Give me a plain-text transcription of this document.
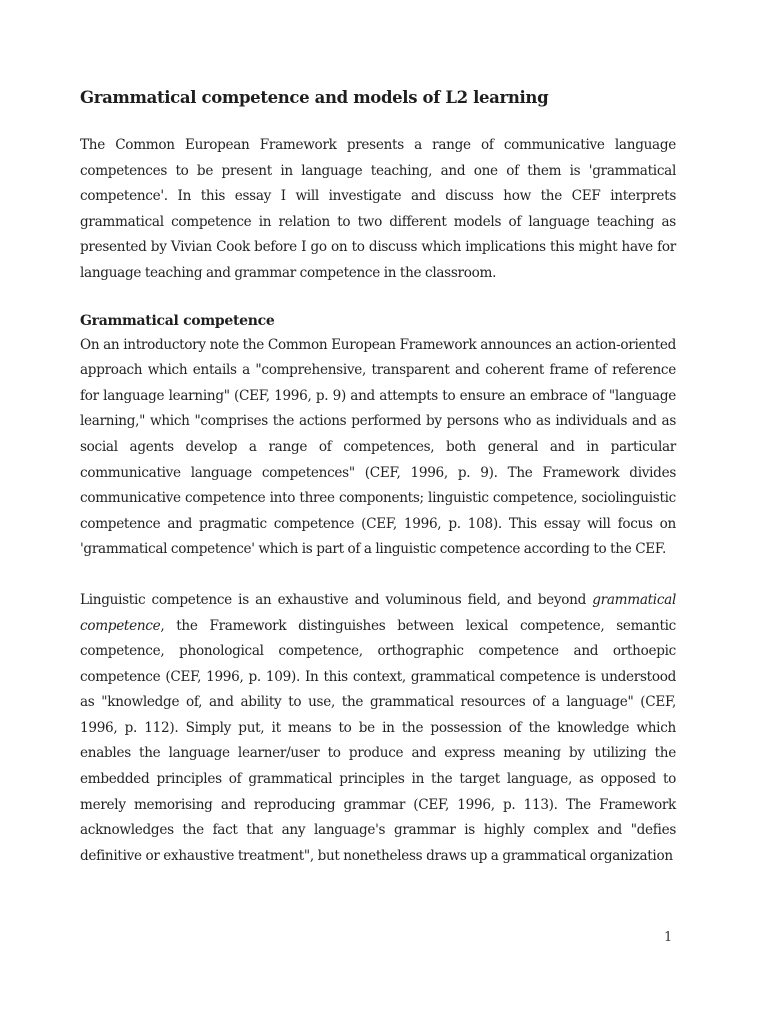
Grammatical competence and models of L2 learning

The Common European Framework presents a range of communicative language competences to be present in language teaching, and one of them is 'grammatical competence'. In this essay I will investigate and discuss how the CEF interprets grammatical competence in relation to two different models of language teaching as presented by Vivian Cook before I go on to discuss which implications this might have for language teaching and grammar competence in the classroom.

Grammatical competence

On an introductory note the Common European Framework announces an action-oriented approach which entails a "comprehensive, transparent and coherent frame of reference for language learning" (CEF, 1996, p. 9) and attempts to ensure an embrace of "language learning," which "comprises the actions performed by persons who as individuals and as social agents develop a range of competences, both general and in particular communicative language competences" (CEF, 1996, p. 9). The Framework divides communicative competence into three components; linguistic competence, sociolinguistic competence and pragmatic competence (CEF, 1996, p. 108). This essay will focus on 'grammatical competence' which is part of a linguistic competence according to the CEF.

Linguistic competence is an exhaustive and voluminous field, and beyond grammatical competence, the Framework distinguishes between lexical competence, semantic competence, phonological competence, orthographic competence and orthoepic competence (CEF, 1996, p. 109). In this context, grammatical competence is understood as "knowledge of, and ability to use, the grammatical resources of a language" (CEF, 1996, p. 112). Simply put, it means to be in the possession of the knowledge which enables the language learner/user to produce and express meaning by utilizing the embedded principles of grammatical principles in the target language, as opposed to merely memorising and reproducing grammar (CEF, 1996, p. 113). The Framework acknowledges the fact that any language's grammar is highly complex and "defies definitive or exhaustive treatment", but nonetheless draws up a grammatical organization

1
